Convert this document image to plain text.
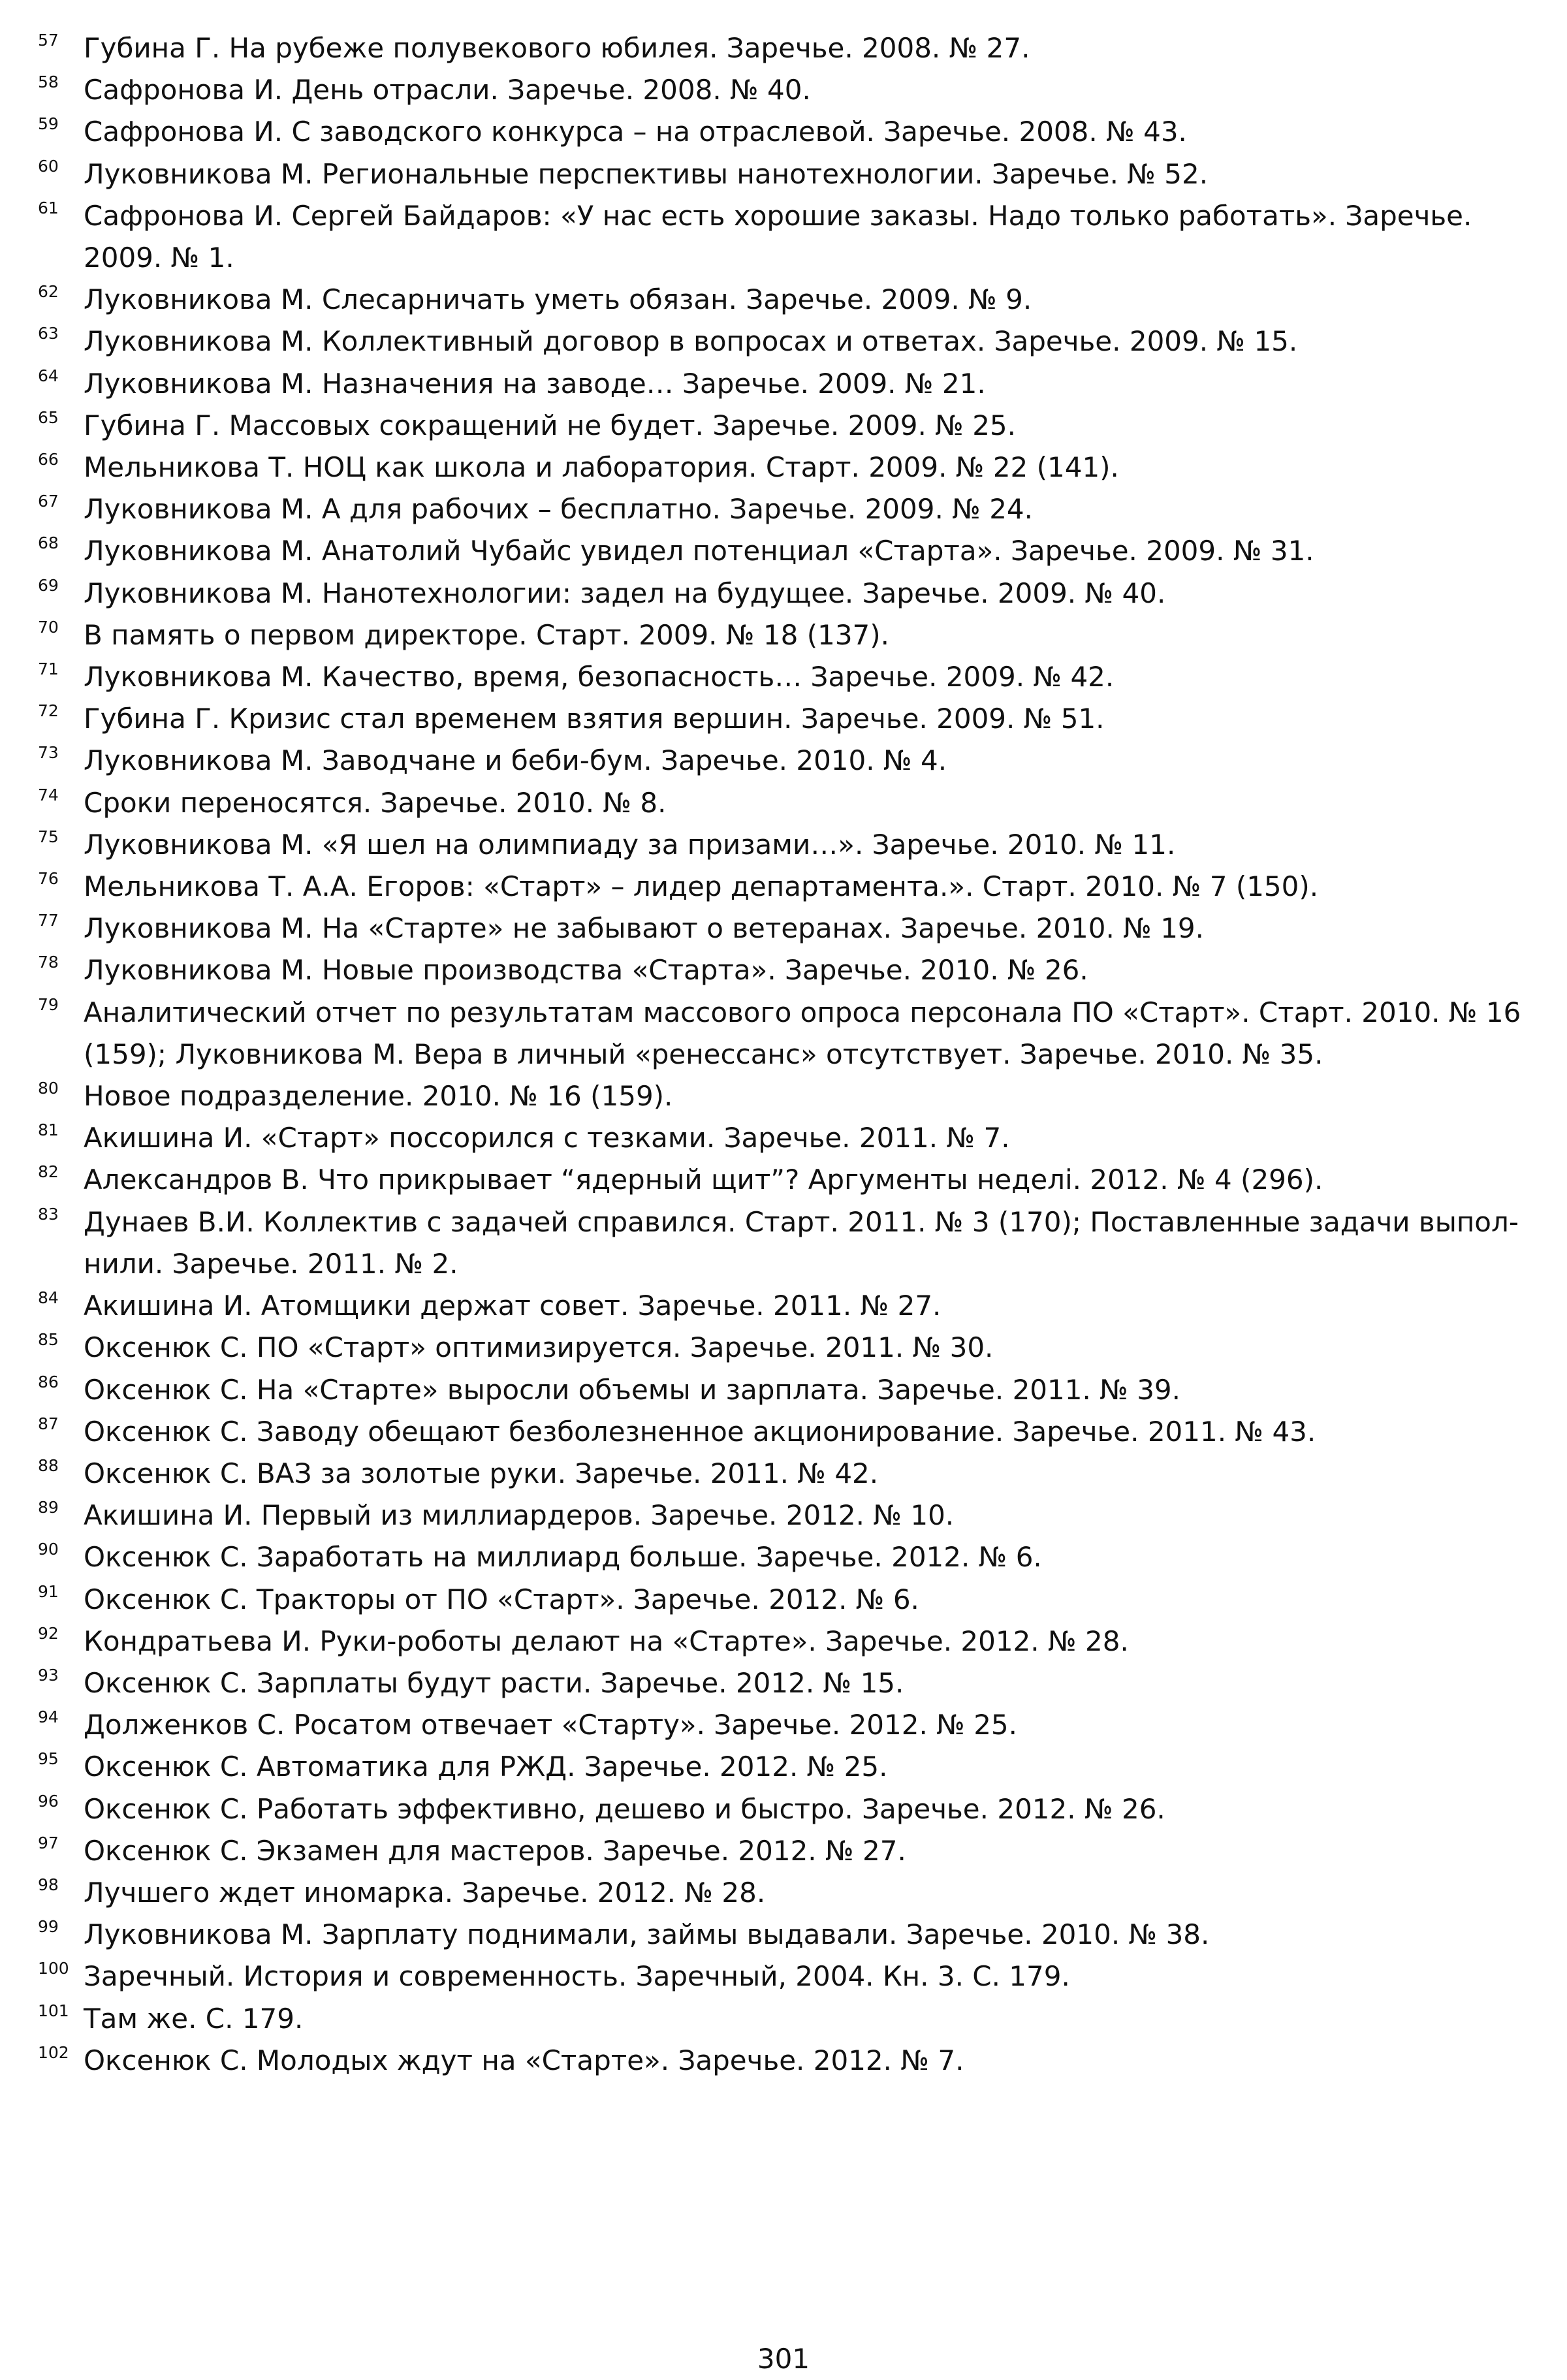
57 Губина Г. На рубеже полувекового юбилея. Заречье. 2008. № 27.
58 Сафронова И. День отрасли. Заречье. 2008. № 40.
59 Сафронова И. С заводского конкурса – на отраслевой. Заречье. 2008. № 43.
60 Луковникова М. Региональные перспективы нанотехнологии. Заречье. № 52.
61 Сафронова И. Сергей Байдаров: «У нас есть хорошие заказы. Надо только работать». Заречье. 2009. № 1.
62 Луковникова М. Слесарничать уметь обязан. Заречье. 2009. № 9.
63 Луковникова М. Коллективный договор в вопросах и ответах. Заречье. 2009. № 15.
64 Луковникова М. Назначения на заводе… Заречье. 2009. № 21.
65 Губина Г. Массовых сокращений не будет. Заречье. 2009. № 25.
66 Мельникова Т. НОЦ как школа и лаборатория. Старт. 2009. № 22 (141).
67 Луковникова М. А для рабочих – бесплатно. Заречье. 2009. № 24.
68 Луковникова М. Анатолий Чубайс увидел потенциал «Старта». Заречье. 2009. № 31.
69 Луковникова М. Нанотехнологии: задел на будущее. Заречье. 2009. № 40.
70 В память о первом директоре. Старт. 2009. № 18 (137).
71 Луковникова М. Качество, время, безопасность… Заречье. 2009. № 42.
72 Губина Г. Кризис стал временем взятия вершин. Заречье. 2009. № 51.
73 Луковникова М. Заводчане и беби-бум. Заречье. 2010. № 4.
74 Сроки переносятся. Заречье. 2010. № 8.
75 Луковникова М. «Я шел на олимпиаду за призами…». Заречье. 2010. № 11.
76 Мельникова Т. А.А. Егоров: «Старт» – лидер департамента.». Старт. 2010. № 7 (150).
77 Луковникова М. На «Старте» не забывают о ветеранах. Заречье. 2010. № 19.
78 Луковникова М. Новые производства «Старта». Заречье. 2010. № 26.
79 Аналитический отчет по результатам массового опроса персонала ПО «Старт». Старт. 2010. № 16 (159); Луковникова М. Вера в личный «ренессанс» отсутствует. Заречье. 2010. № 35.
80 Новое подразделение. 2010. № 16 (159).
81 Акишина И. «Старт» поссорился с тезками. Заречье. 2011. № 7.
82 Александров В. Что прикрывает “ядерный щит”? Аргументы неделі. 2012. № 4 (296).
83 Дунаев В.И. Коллектив с задачей справился. Старт. 2011. № 3 (170); Поставленные задачи выпол-нили. Заречье. 2011. № 2.
84 Акишина И. Атомщики держат совет. Заречье. 2011. № 27.
85 Оксенюк С. ПО «Старт» оптимизируется. Заречье. 2011. № 30.
86 Оксенюк С. На «Старте» выросли объемы и зарплата. Заречье. 2011. № 39.
87 Оксенюк С. Заводу обещают безболезненное акционирование. Заречье. 2011. № 43.
88 Оксенюк С. ВАЗ за золотые руки. Заречье. 2011. № 42.
89 Акишина И. Первый из миллиардеров. Заречье. 2012. № 10.
90 Оксенюк С. Заработать на миллиард больше. Заречье. 2012. № 6.
91 Оксенюк С. Тракторы от ПО «Старт». Заречье. 2012. № 6.
92 Кондратьева И. Руки-роботы делают на «Старте». Заречье. 2012. № 28.
93 Оксенюк С. Зарплаты будут расти. Заречье. 2012. № 15.
94 Долженков С. Росатом отвечает «Старту». Заречье. 2012. № 25.
95 Оксенюк С. Автоматика для РЖД. Заречье. 2012. № 25.
96 Оксенюк С. Работать эффективно, дешево и быстро. Заречье. 2012. № 26.
97 Оксенюк С. Экзамен для мастеров. Заречье. 2012. № 27.
98 Лучшего ждет иномарка. Заречье. 2012. № 28.
99 Луковникова М. Зарплату поднимали, займы выдавали. Заречье. 2010. № 38.
100 Заречный. История и современность. Заречный, 2004. Кн. 3. С. 179.
101 Там же. С. 179.
102 Оксенюк С. Молодых ждут на «Старте». Заречье. 2012. № 7.
301
